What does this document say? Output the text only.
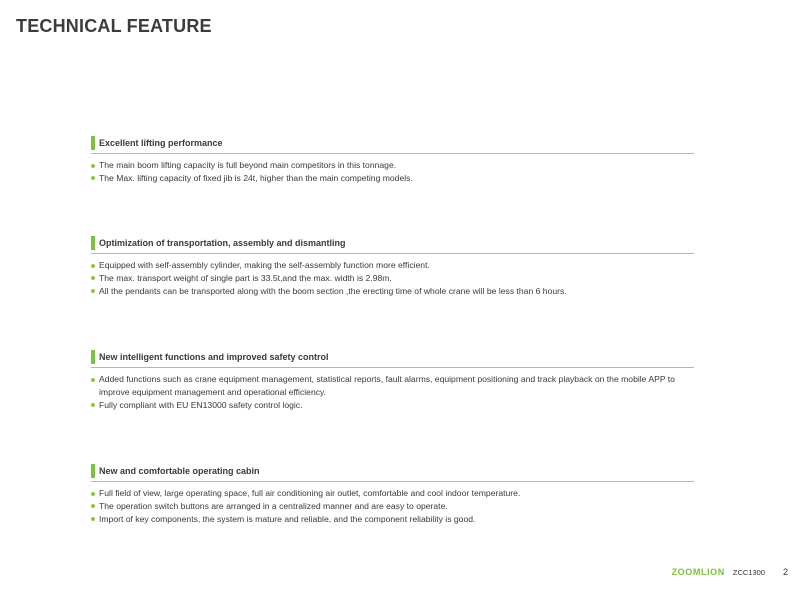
TECHNICAL FEATURE
Excellent lifting performance
The main boom lifting capacity is full beyond main competitors in this tonnage.
The Max. lifting capacity of fixed jib is 24t, higher than the main competing models.
Optimization of transportation, assembly and dismantling
Equipped with self-assembly cylinder, making the self-assembly function more efficient.
The max. transport weight of single part is 33.5t,and the max. width is 2.98m.
All the pendants can be transported along with the boom section ,the erecting time of whole crane will be less than 6 hours.
New intelligent functions and improved safety control
Added functions such as crane equipment management, statistical reports, fault alarms, equipment positioning and track playback on the mobile APP to improve equipment management and operational efficiency.
Fully compliant with EU EN13000 safety control logic.
New and comfortable operating cabin
Full field of view, large operating space, full air conditioning air outlet, comfortable and cool indoor temperature.
The operation switch buttons are arranged in a centralized manner and are easy to operate.
Import of key components, the system is mature and reliable, and the component reliability is good.
ZOOMLION ZCC1300 2
